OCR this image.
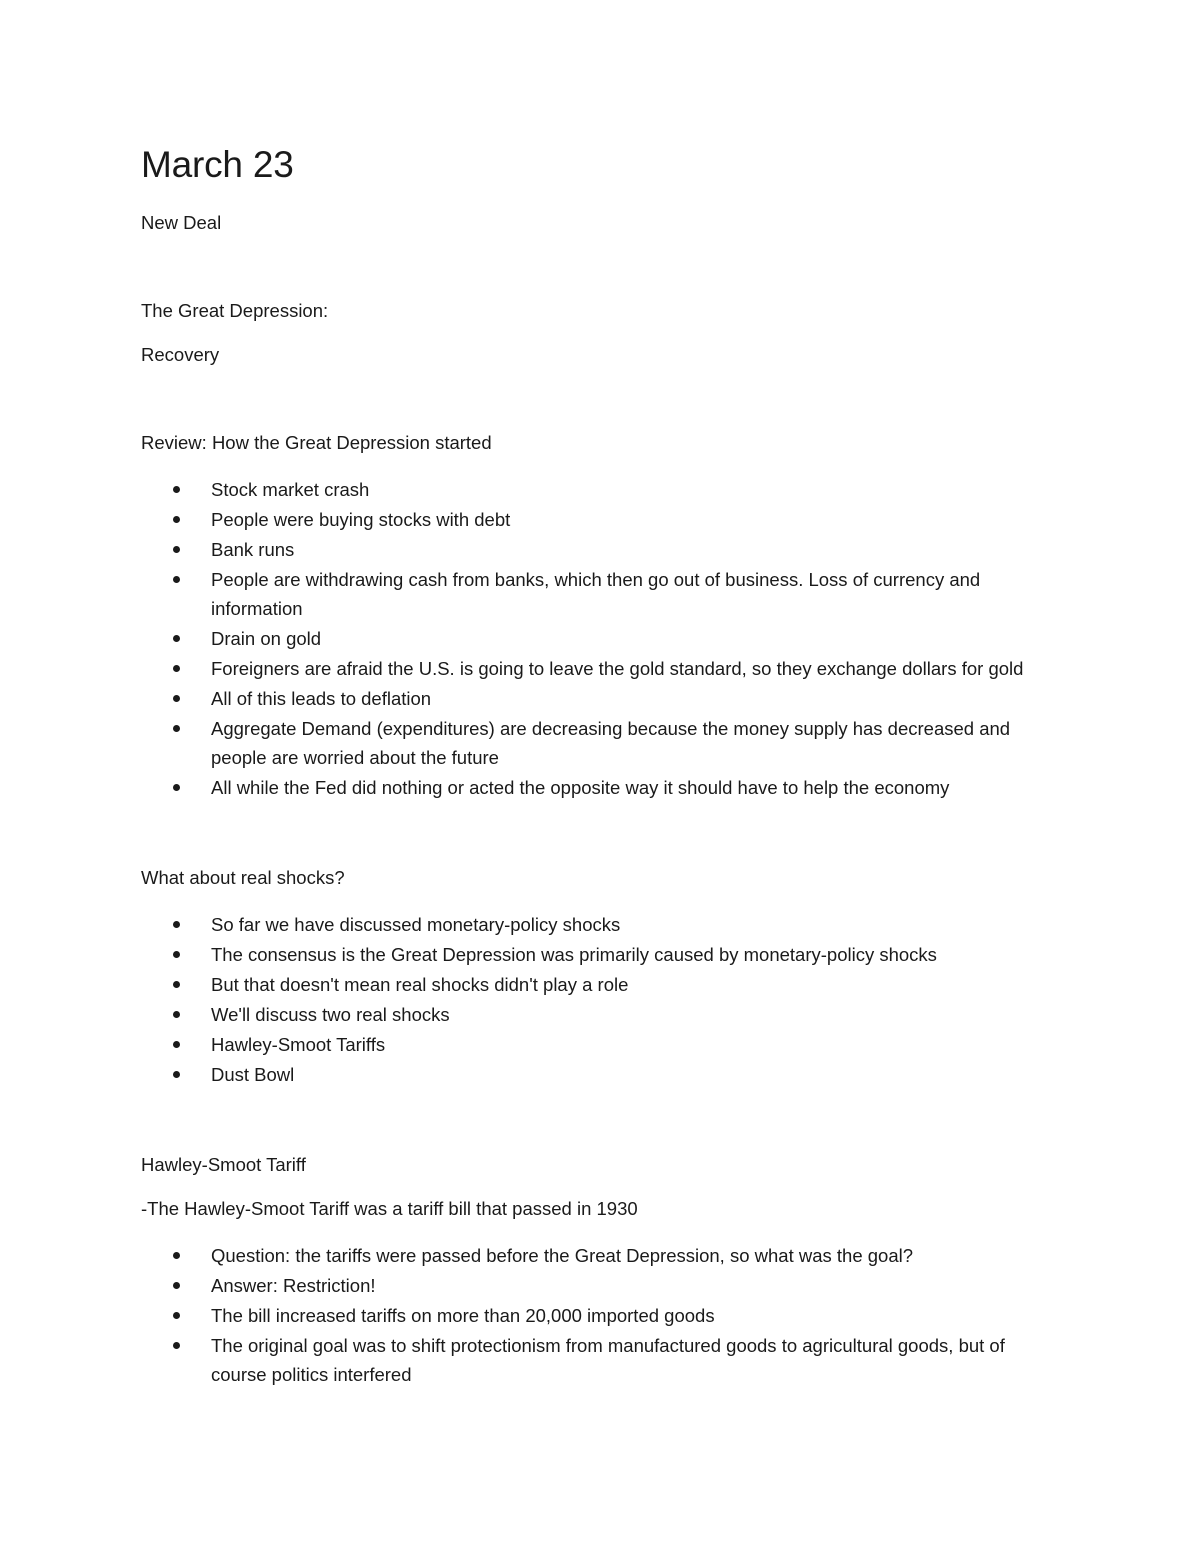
March 23

New Deal

The Great Depression:

Recovery

Review: How the Great Depression started

Stock market crash
People were buying stocks with debt
Bank runs
People are withdrawing cash from banks, which then go out of business. Loss of currency and information
Drain on gold
Foreigners are afraid the U.S. is going to leave the gold standard, so they exchange dollars for gold
All of this leads to deflation
Aggregate Demand (expenditures) are decreasing because the money supply has decreased and people are worried about the future
All while the Fed did nothing or acted the opposite way it should have to help the economy

What about real shocks?

So far we have discussed monetary-policy shocks
The consensus is the Great Depression was primarily caused by monetary-policy shocks
But that doesn't mean real shocks didn't play a role
We'll discuss two real shocks
Hawley-Smoot Tariffs
Dust Bowl

Hawley-Smoot Tariff

-The Hawley-Smoot Tariff was a tariff bill that passed in 1930

Question: the tariffs were passed before the Great Depression, so what was the goal?
Answer: Restriction!
The bill increased tariffs on more than 20,000 imported goods
The original goal was to shift protectionism from manufactured goods to agricultural goods, but of course politics interfered
